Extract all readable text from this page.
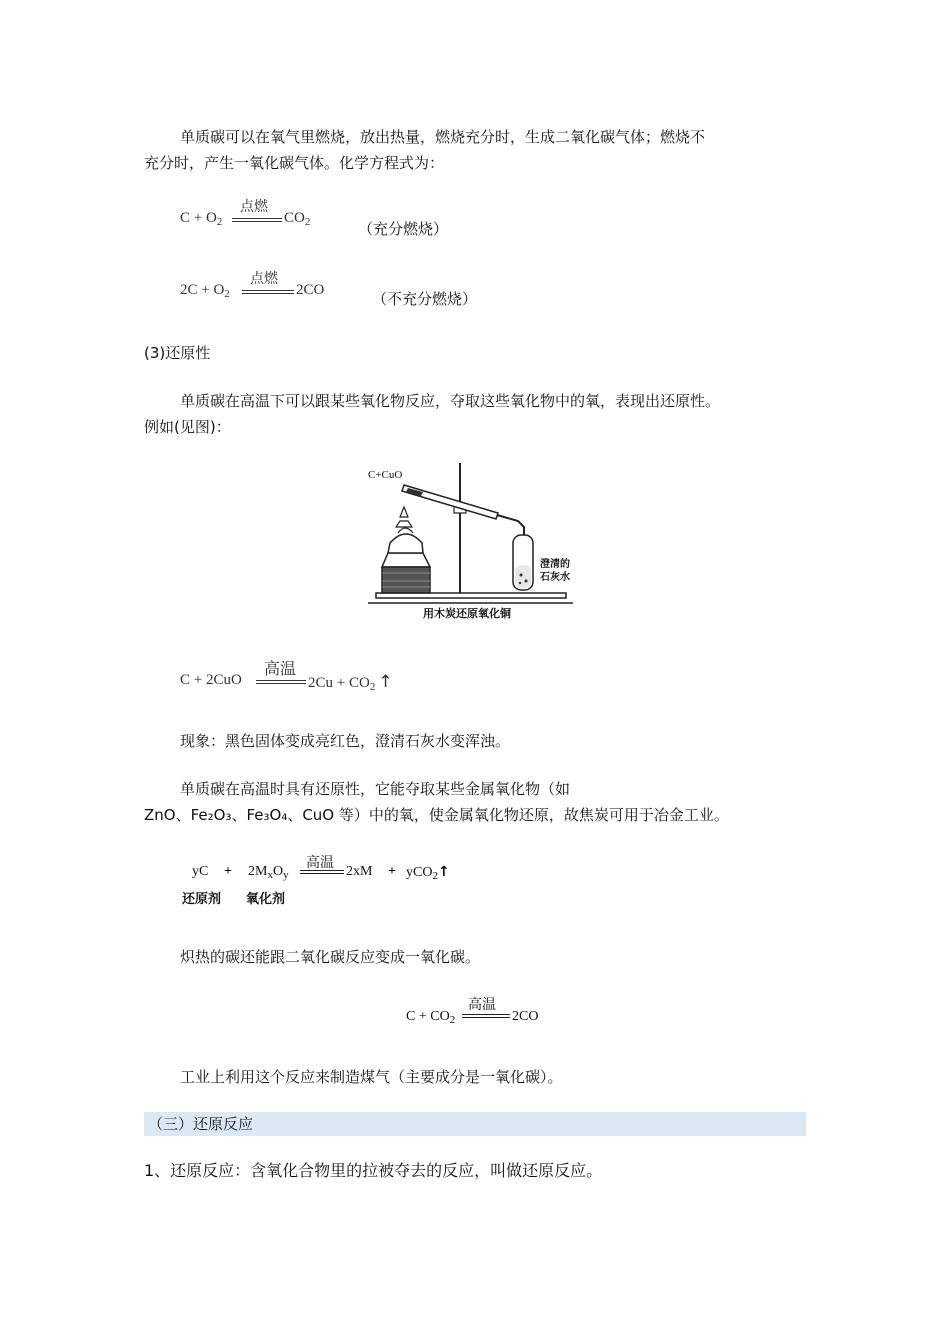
单质碳可以在氧气里燃烧，放出热量，燃烧充分时，生成二氧化碳气体；燃烧不
充分时，产生一氧化碳气体。化学方程式为：
$C + O_2$
点燃
$CO_2$	（充分燃烧）
$2C + O_2$
点燃
2CO	（不充分燃烧）
(3)还原性
单质碳在高温下可以跟某些氧化物反应，夺取这些氧化物中的氧，表现出还原性。
例如(见图)：
C+CuO
澄清的
石灰水
用木炭还原氧化铜
C + 2CuO
高温
$2Cu + CO_2$ ↑
现象：黑色固体变成亮红色，澄清石灰水变浑浊。
单质碳在高温时具有还原性，它能夺取某些金属氧化物（如
ZnO、Fe₂O₃、Fe₃O₄、CuO 等）中的氧，使金属氧化物还原，故焦炭可用于冶金工业。
yC + $2M_xO_y$
高温
2xM + yCO$_2$↑
还原剂 氧化剂
炽热的碳还能跟二氧化碳反应变成一氧化碳。
$C + CO_2$
高温
2CO
工业上利用这个反应来制造煤气（主要成分是一氧化碳）。
（三）还原反应
1、还原反应：含氧化合物里的拉被夺去的反应，叫做还原反应。
